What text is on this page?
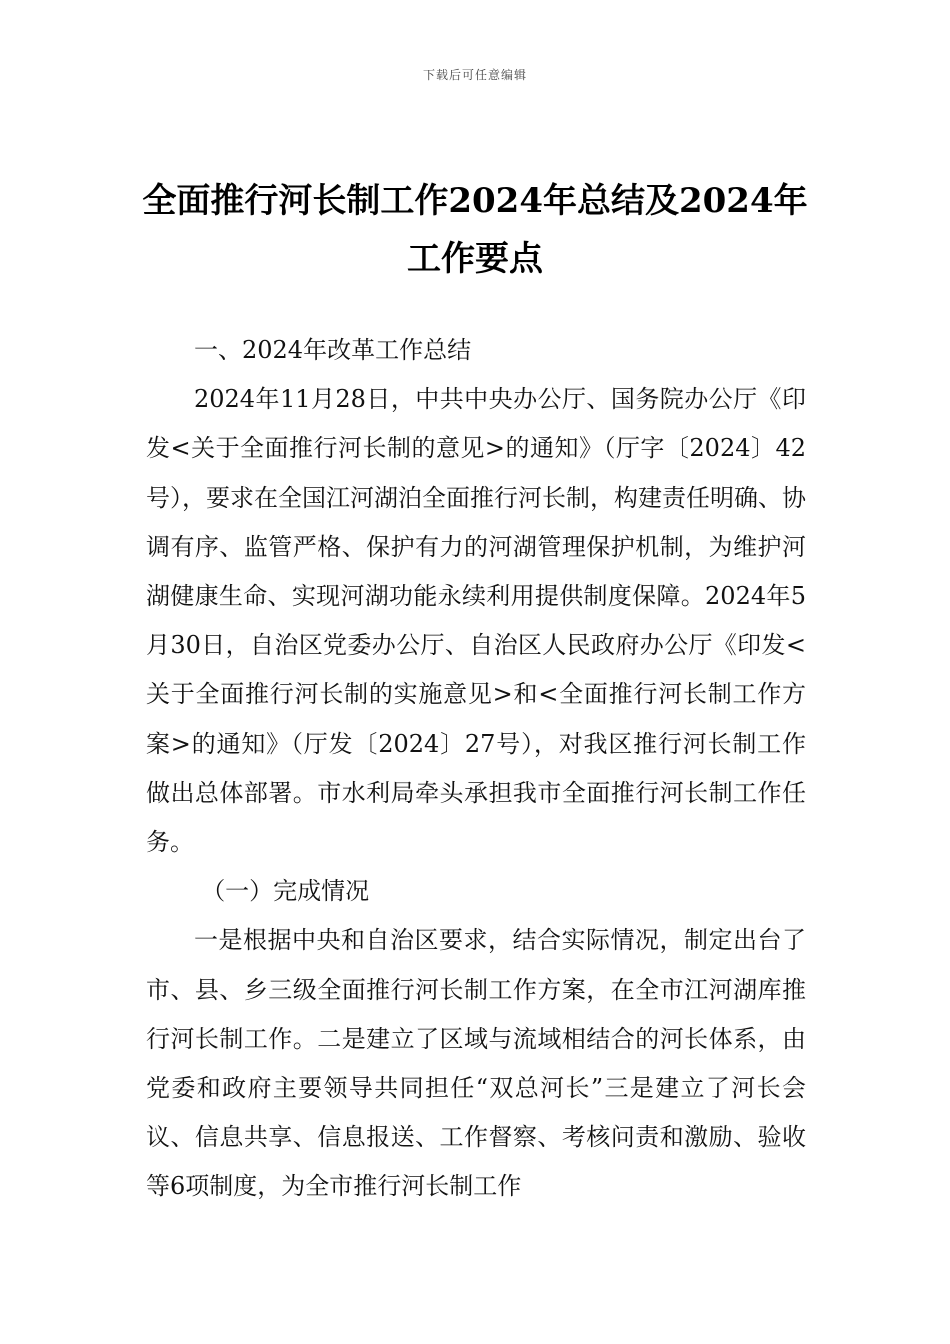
下载后可任意编辑
全面推行河长制工作2024年总结及2024年
工作要点

一、2024年改革工作总结

2024年11月28日，中共中央办公厅、国务院办公厅《印发<关于全面推行河长制的意见>的通知》（厅字〔2024〕42号），要求在全国江河湖泊全面推行河长制，构建责任明确、协调有序、监管严格、保护有力的河湖管理保护机制，为维护河湖健康生命、实现河湖功能永续利用提供制度保障。2024年5月30日，自治区党委办公厅、自治区人民政府办公厅《印发<关于全面推行河长制的实施意见>和<全面推行河长制工作方案>的通知》（厅发〔2024〕27号），对我区推行河长制工作做出总体部署。市水利局牵头承担我市全面推行河长制工作任务。

（一）完成情况

一是根据中央和自治区要求，结合实际情况，制定出台了市、县、乡三级全面推行河长制工作方案，在全市江河湖库推行河长制工作。二是建立了区域与流域相结合的河长体系，由党委和政府主要领导共同担任“双总河长”三是建立了河长会议、信息共享、信息报送、工作督察、考核问责和激励、验收等6项制度，为全市推行河长制工作
